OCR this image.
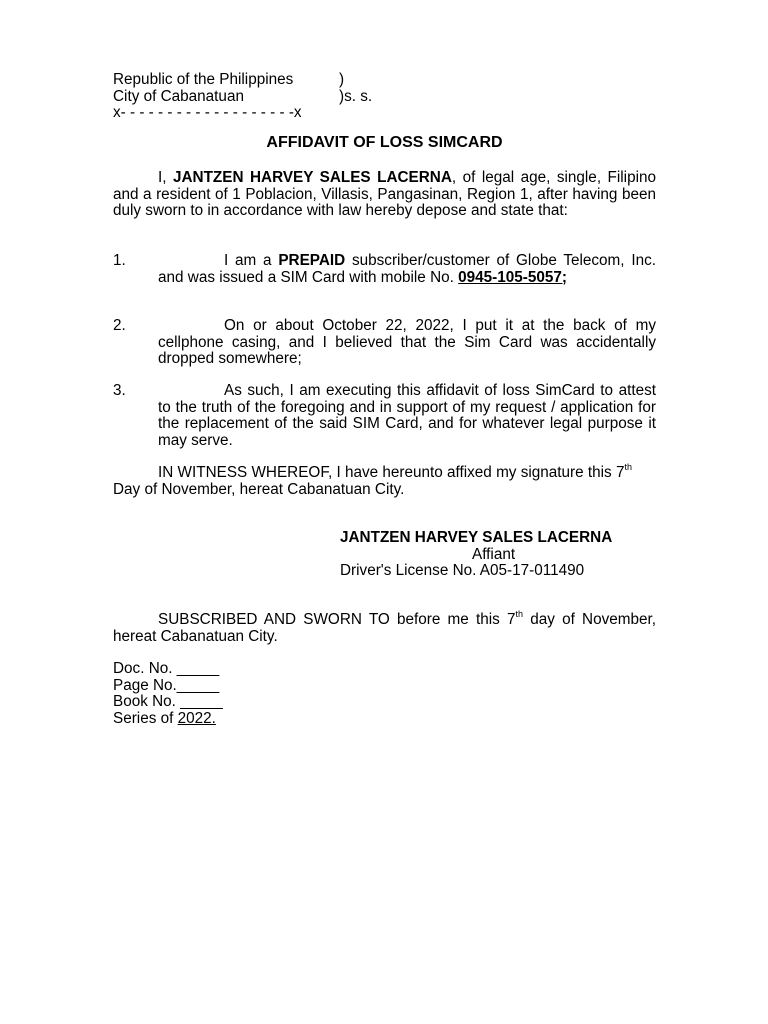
Republic of the Philippines	)
City of Cabanatuan	)s. s.
x- - - - - - - - - - - - - - - - - - -x
AFFIDAVIT OF LOSS SIMCARD

I, JANTZEN HARVEY SALES LACERNA, of legal age, single, Filipino and a resident of 1 Poblacion, Villasis, Pangasinan, Region 1, after having been duly sworn to in accordance with law hereby depose and state that:

1.	I am a PREPAID subscriber/customer of Globe Telecom, Inc. and was issued a SIM Card with mobile No. 0945-105-5057;

2.	On or about October 22, 2022, I put it at the back of my cellphone casing, and I believed that the Sim Card was accidentally dropped somewhere;

3.	As such, I am executing this affidavit of loss SimCard to attest to the truth of the foregoing and in support of my request / application for the replacement of the said SIM Card, and for whatever legal purpose it may serve.

IN WITNESS WHEREOF, I have hereunto affixed my signature this 7th Day of November, hereat Cabanatuan City.

JANTZEN HARVEY SALES LACERNA
Affiant
Driver's License No. A05-17-011490

SUBSCRIBED AND SWORN TO before me this 7th day of November, hereat Cabanatuan City.

Doc. No. _____
Page No._____
Book No. _____
Series of 2022.
